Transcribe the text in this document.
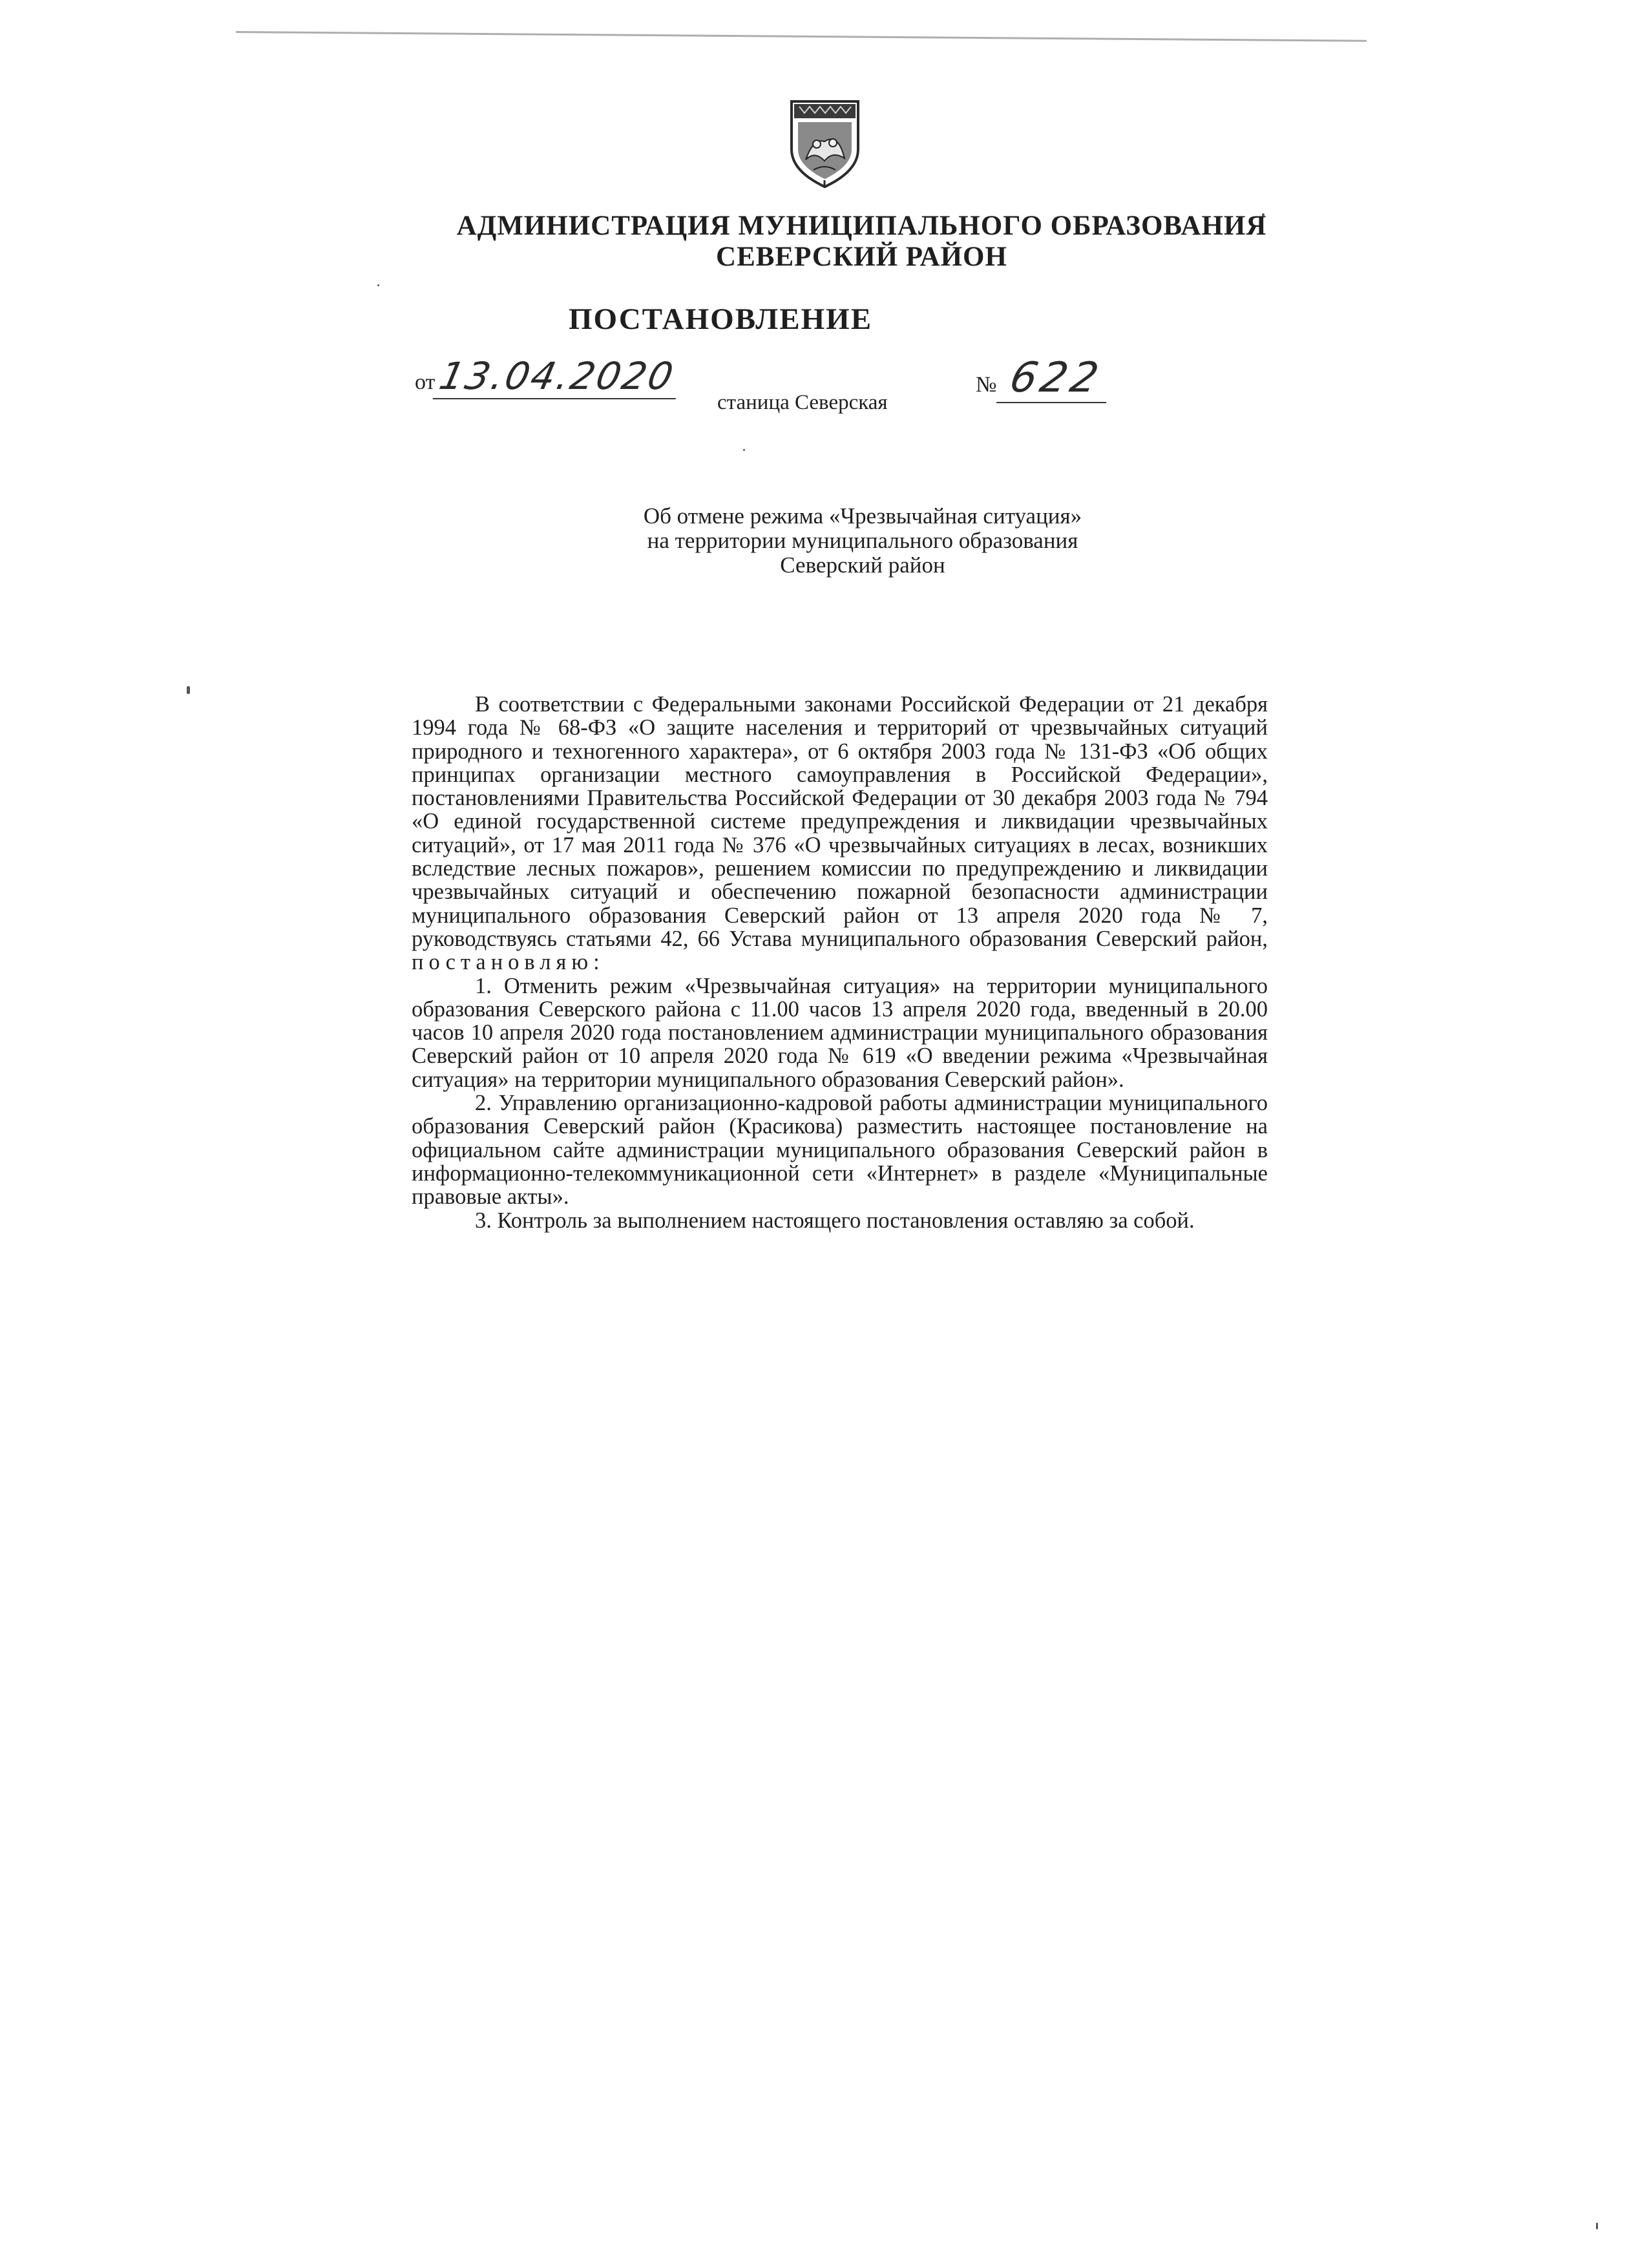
АДМИНИСТРАЦИЯ МУНИЦИПАЛЬНОГО ОБРАЗОВАНИЯ
СЕВЕРСКИЙ РАЙОН
ПОСТАНОВЛЕНИЕ
от13.04.2020	№ 622
станица Северская
Об отмене режима «Чрезвычайная ситуация»
на территории муниципального образования
Северский район

В соответствии с Федеральными законами Российской Федерации от 21 декабря 1994 года № 68-ФЗ «О защите населения и территорий от чрезвычайных ситуаций природного и техногенного характера», от 6 октября 2003 года № 131-ФЗ «Об общих принципах организации местного самоуправления в Российской Федерации», постановлениями Правительства Российской Федерации от 30 декабря 2003 года № 794 «О единой государственной системе предупреждения и ликвидации чрезвычайных ситуаций», от 17 мая 2011 года № 376 «О чрезвычайных ситуациях в лесах, возникших вследствие лесных пожаров», решением комиссии по предупреждению и ликвидации чрезвычайных ситуаций и обеспечению пожарной безопасности администрации муниципального образования Северский район от 13 апреля 2020 года № 7, руководствуясь статьями 42, 66 Устава муниципального образования Северский район, постановляю:

1. Отменить режим «Чрезвычайная ситуация» на территории муниципального образования Северского района с 11.00 часов 13 апреля 2020 года, введенный в 20.00 часов 10 апреля 2020 года постановлением администрации муниципального образования Северский район от 10 апреля 2020 года № 619 «О введении режима «Чрезвычайная ситуация» на территории муниципального образования Северский район».

2. Управлению организационно-кадровой работы администрации муниципального образования Северский район (Красикова) разместить настоящее постановление на официальном сайте администрации муниципального образования Северский район в информационно-телекоммуникационной сети «Интернет» в разделе «Муниципальные правовые акты».

3. Контроль за выполнением настоящего постановления оставляю за собой.
